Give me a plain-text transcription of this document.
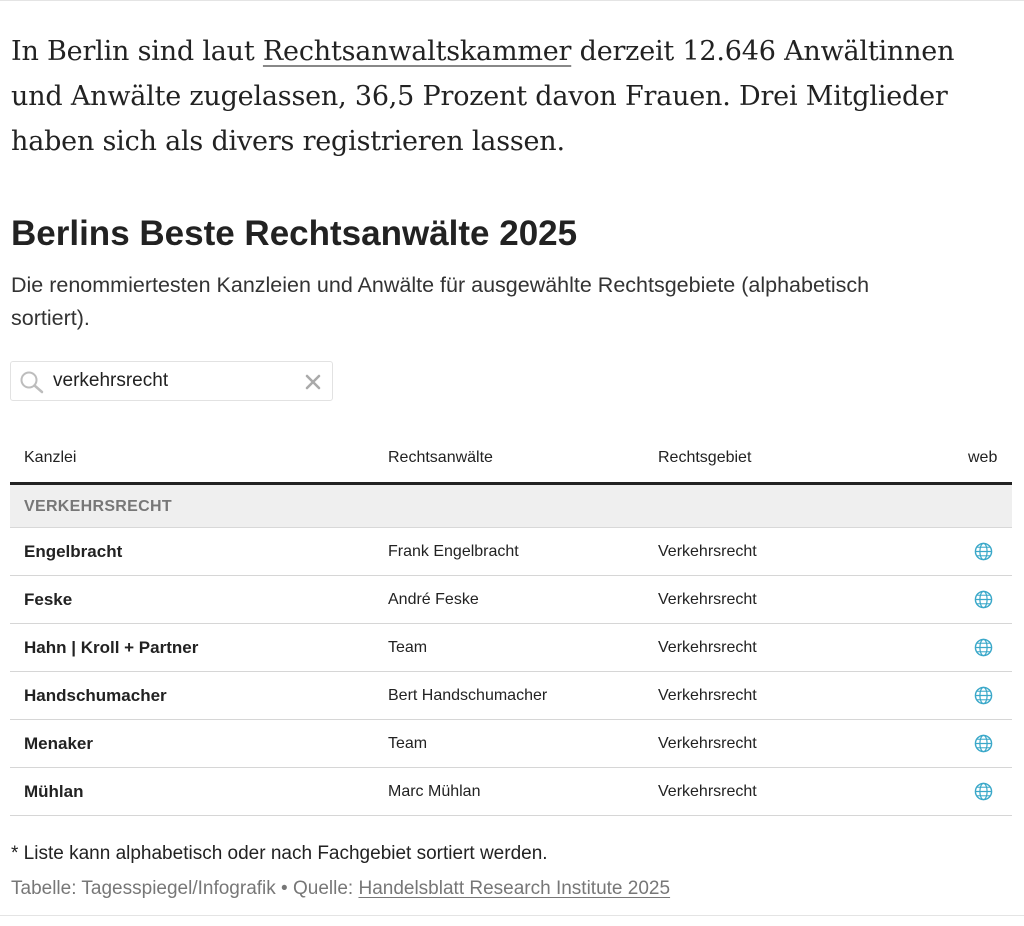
In Berlin sind laut Rechtsanwaltskammer derzeit 12.646 Anwältinnen und Anwälte zugelassen, 36,5 Prozent davon Frauen. Drei Mitglieder haben sich als divers registrieren lassen.

Berlins Beste Rechtsanwälte 2025
Die renommiertesten Kanzleien und Anwälte für ausgewählte Rechtsgebiete (alphabetisch sortiert).
verkehrsrecht
Kanzlei	Rechtsanwälte	Rechtsgebiet	web
VERKEHRSRECHT
Engelbracht	Frank Engelbracht	Verkehrsrecht
Feske	André Feske	Verkehrsrecht
Hahn | Kroll + Partner	Team	Verkehrsrecht
Handschumacher	Bert Handschumacher	Verkehrsrecht
Menaker	Team	Verkehrsrecht
Mühlan	Marc Mühlan	Verkehrsrecht
* Liste kann alphabetisch oder nach Fachgebiet sortiert werden.
Tabelle: Tagesspiegel/Infografik • Quelle: Handelsblatt Research Institute 2025
